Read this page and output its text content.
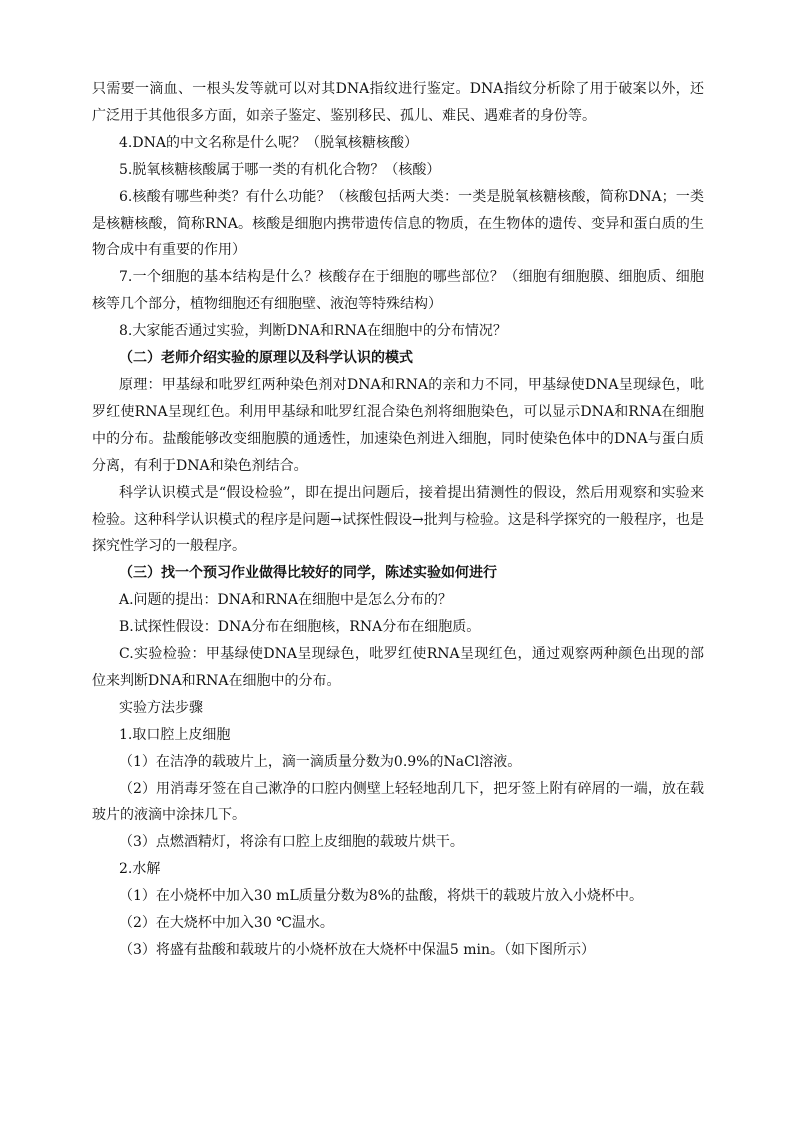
只需要一滴血、一根头发等就可以对其DNA指纹进行鉴定。DNA指纹分析除了用于破案以外，还广泛用于其他很多方面，如亲子鉴定、鉴别移民、孤儿、难民、遇难者的身份等。

4.DNA的中文名称是什么呢？（脱氧核糖核酸）

5.脱氧核糖核酸属于哪一类的有机化合物？（核酸）

6.核酸有哪些种类？有什么功能？（核酸包括两大类：一类是脱氧核糖核酸，简称DNA；一类是核糖核酸，简称RNA。核酸是细胞内携带遗传信息的物质，在生物体的遗传、变异和蛋白质的生物合成中有重要的作用）

7.一个细胞的基本结构是什么？核酸存在于细胞的哪些部位？（细胞有细胞膜、细胞质、细胞核等几个部分，植物细胞还有细胞壁、液泡等特殊结构）

8.大家能否通过实验，判断DNA和RNA在细胞中的分布情况？

（二）老师介绍实验的原理以及科学认识的模式

原理：甲基绿和吡罗红两种染色剂对DNA和RNA的亲和力不同，甲基绿使DNA呈现绿色，吡罗红使RNA呈现红色。利用甲基绿和吡罗红混合染色剂将细胞染色，可以显示DNA和RNA在细胞中的分布。盐酸能够改变细胞膜的通透性，加速染色剂进入细胞，同时使染色体中的DNA与蛋白质分离，有利于DNA和染色剂结合。

科学认识模式是“假设检验”，即在提出问题后，接着提出猜测性的假设，然后用观察和实验来检验。这种科学认识模式的程序是问题→试探性假设→批判与检验。这是科学探究的一般程序，也是探究性学习的一般程序。

（三）找一个预习作业做得比较好的同学，陈述实验如何进行

A.问题的提出：DNA和RNA在细胞中是怎么分布的？

B.试探性假设：DNA分布在细胞核，RNA分布在细胞质。

C.实验检验：甲基绿使DNA呈现绿色，吡罗红使RNA呈现红色，通过观察两种颜色出现的部位来判断DNA和RNA在细胞中的分布。

实验方法步骤

1.取口腔上皮细胞

（1）在洁净的载玻片上，滴一滴质量分数为0.9%的NaCl溶液。

（2）用消毒牙签在自己漱净的口腔内侧壁上轻轻地刮几下，把牙签上附有碎屑的一端，放在载玻片的液滴中涂抹几下。

（3）点燃酒精灯，将涂有口腔上皮细胞的载玻片烘干。

2.水解

（1）在小烧杯中加入30 mL质量分数为8%的盐酸，将烘干的载玻片放入小烧杯中。

（2）在大烧杯中加入30 ℃温水。

（3）将盛有盐酸和载玻片的小烧杯放在大烧杯中保温5 min。（如下图所示）
